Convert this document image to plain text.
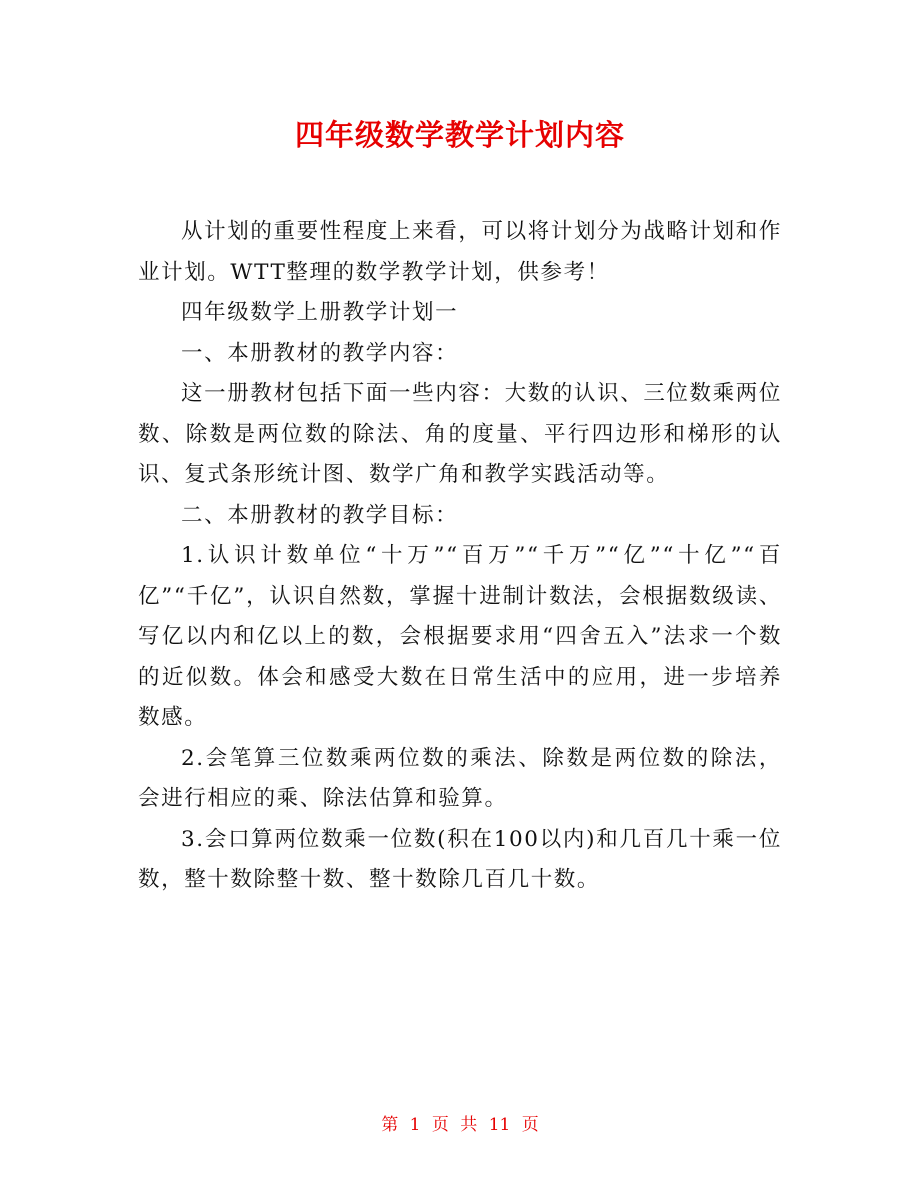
四年级数学教学计划内容

从计划的重要性程度上来看，可以将计划分为战略计划和作业计划。WTT整理的数学教学计划，供参考！

四年级数学上册教学计划一

一、本册教材的教学内容：

这一册教材包括下面一些内容：大数的认识、三位数乘两位数、除数是两位数的除法、角的度量、平行四边形和梯形的认识、复式条形统计图、数学广角和教学实践活动等。

二、本册教材的教学目标：

1.认识计数单位“十万”“百万”“千万”“亿”“十亿”“百亿”“千亿”，认识自然数，掌握十进制计数法，会根据数级读、写亿以内和亿以上的数，会根据要求用“四舍五入”法求一个数的近似数。体会和感受大数在日常生活中的应用，进一步培养数感。

2.会笔算三位数乘两位数的乘法、除数是两位数的除法，会进行相应的乘、除法估算和验算。

3.会口算两位数乘一位数(积在100以内)和几百几十乘一位数，整十数除整十数、整十数除几百几十数。

第 1 页 共 11 页
